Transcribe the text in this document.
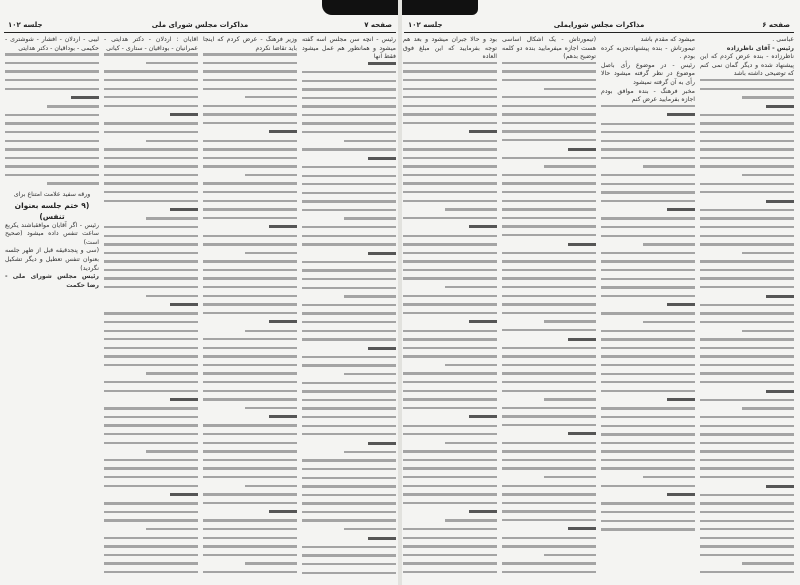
صفحه ۷
مذاکرات مجلس شورای ملی
جلسه ۱۰۲
رئیس - آنچه سن مجلس اسه گفته میشود و همانطور هم عمل میشود فقط آنها
وزیر فرهنگ - عرض کردم که اینجا باید تقاضا نکردم
آقایان : اردلان - دکتر هدایتی - عمرانیان - بوداقیان - ستاری - کیانی
لیبی - اردلان - افشار - شوشتری - حکیمی - بوداقیان - دکتر هدایتی
ورقه سفید علامت امتناع برای
(۹ ختم جلسه بعنوان تنفس)
رئیس - اگر آقایان موافقباشند یکربع ساعت تنفس داده میشود (صحیح است)
(سی و پنجدقیقه قبل از ظهر جلسه بعنوان تنفس تعطیل و دیگر تشکیل نگردید)
رئیس مجلس شورای ملی - رضا حکمت
صفحه ۶
مذاکرات مجلس شورایملی
جلسه ۱۰۲
عباسی .
رئیس - آقای ناظرزاده
ناظرزاده - بنده عرض کردم که این پیشنهاد شده و دیگر گمان نمی کنم که توضیحی داشته باشد
میشود که مقدم باشد
تیمورتاش - بنده پیشنهادتجزیه کرده بودم .
رئیس - در موضوع رأی باصل موضوع در نظر گرفته میشود حالا رأی به آن گرفته نمیشود
مخبر فرهنگ - بنده موافق بودم اجازه بفرمایید عرض کنم
(تیمورتاش - یک اشکال اساسی هست اجازه میفرمایید بنده دو کلمه توضیح بدهم)
بود و حالا جبران میشود و بعد هم توجه بفرمایید که این مبلغ فوق العاده
